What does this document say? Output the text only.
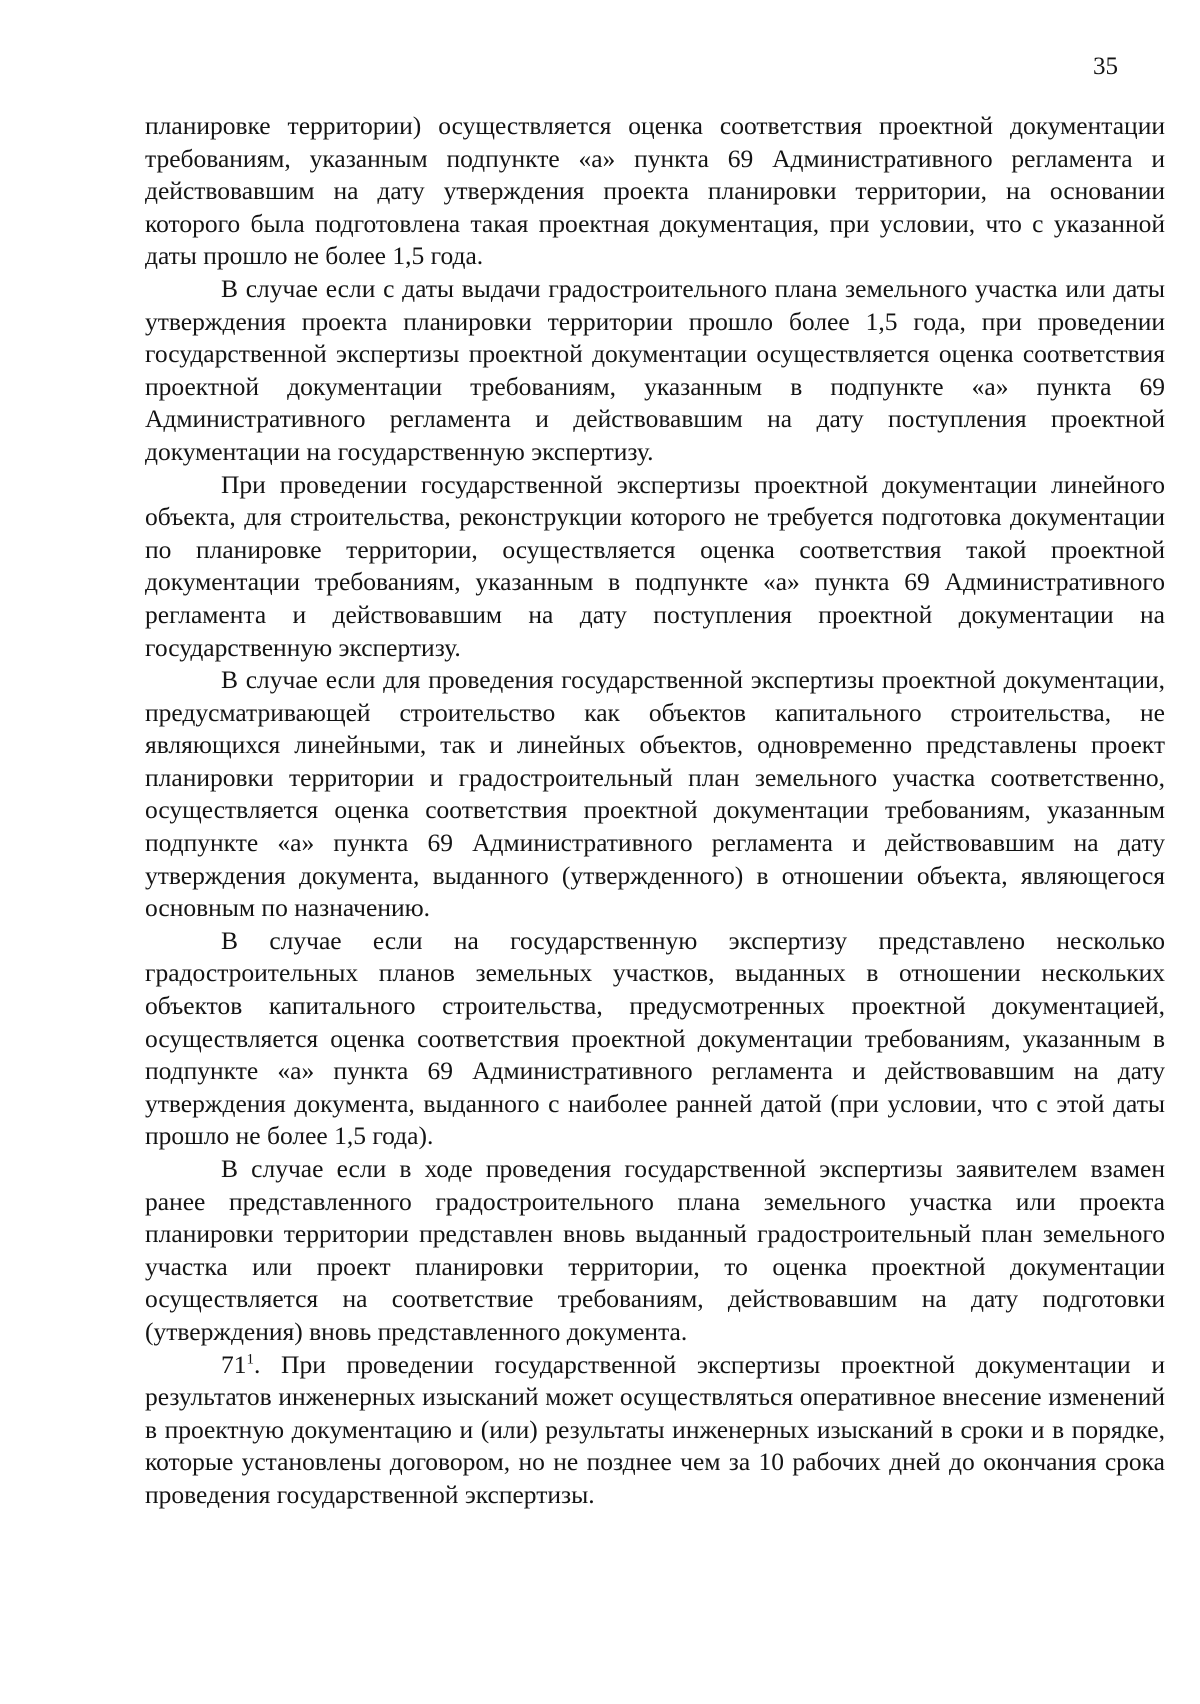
35

планировке территории) осуществляется оценка соответствия проектной документации требованиям, указанным подпункте «а» пункта 69 Административного регламента и действовавшим на дату утверждения проекта планировки территории, на основании которого была подготовлена такая проектная документация, при условии, что с указанной даты прошло не более 1,5 года.

В случае если с даты выдачи градостроительного плана земельного участка или даты утверждения проекта планировки территории прошло более 1,5 года, при проведении государственной экспертизы проектной документации осуществляется оценка соответствия проектной документации требованиям, указанным в подпункте «а» пункта 69 Административного регламента и действовавшим на дату поступления проектной документации на государственную экспертизу.

При проведении государственной экспертизы проектной документации линейного объекта, для строительства, реконструкции которого не требуется подготовка документации по планировке территории, осуществляется оценка соответствия такой проектной документации требованиям, указанным в подпункте «а» пункта 69 Административного регламента и действовавшим на дату поступления проектной документации на государственную экспертизу.

В случае если для проведения государственной экспертизы проектной документации, предусматривающей строительство как объектов капитального строительства, не являющихся линейными, так и линейных объектов, одновременно представлены проект планировки территории и градостроительный план земельного участка соответственно, осуществляется оценка соответствия проектной документации требованиям, указанным подпункте «а» пункта 69 Административного регламента и действовавшим на дату утверждения документа, выданного (утвержденного) в отношении объекта, являющегося основным по назначению.

В случае если на государственную экспертизу представлено несколько градостроительных планов земельных участков, выданных в отношении нескольких объектов капитального строительства, предусмотренных проектной документацией, осуществляется оценка соответствия проектной документации требованиям, указанным в подпункте «а» пункта 69 Административного регламента и действовавшим на дату утверждения документа, выданного с наиболее ранней датой (при условии, что с этой даты прошло не более 1,5 года).

В случае если в ходе проведения государственной экспертизы заявителем взамен ранее представленного градостроительного плана земельного участка или проекта планировки территории представлен вновь выданный градостроительный план земельного участка или проект планировки территории, то оценка проектной документации осуществляется на соответствие требованиям, действовавшим на дату подготовки (утверждения) вновь представленного документа.

$71^1$. При проведении государственной экспертизы проектной документации и результатов инженерных изысканий может осуществляться оперативное внесение изменений в проектную документацию и (или) результаты инженерных изысканий в сроки и в порядке, которые установлены договором, но не позднее чем за 10 рабочих дней до окончания срока проведения государственной экспертизы.
